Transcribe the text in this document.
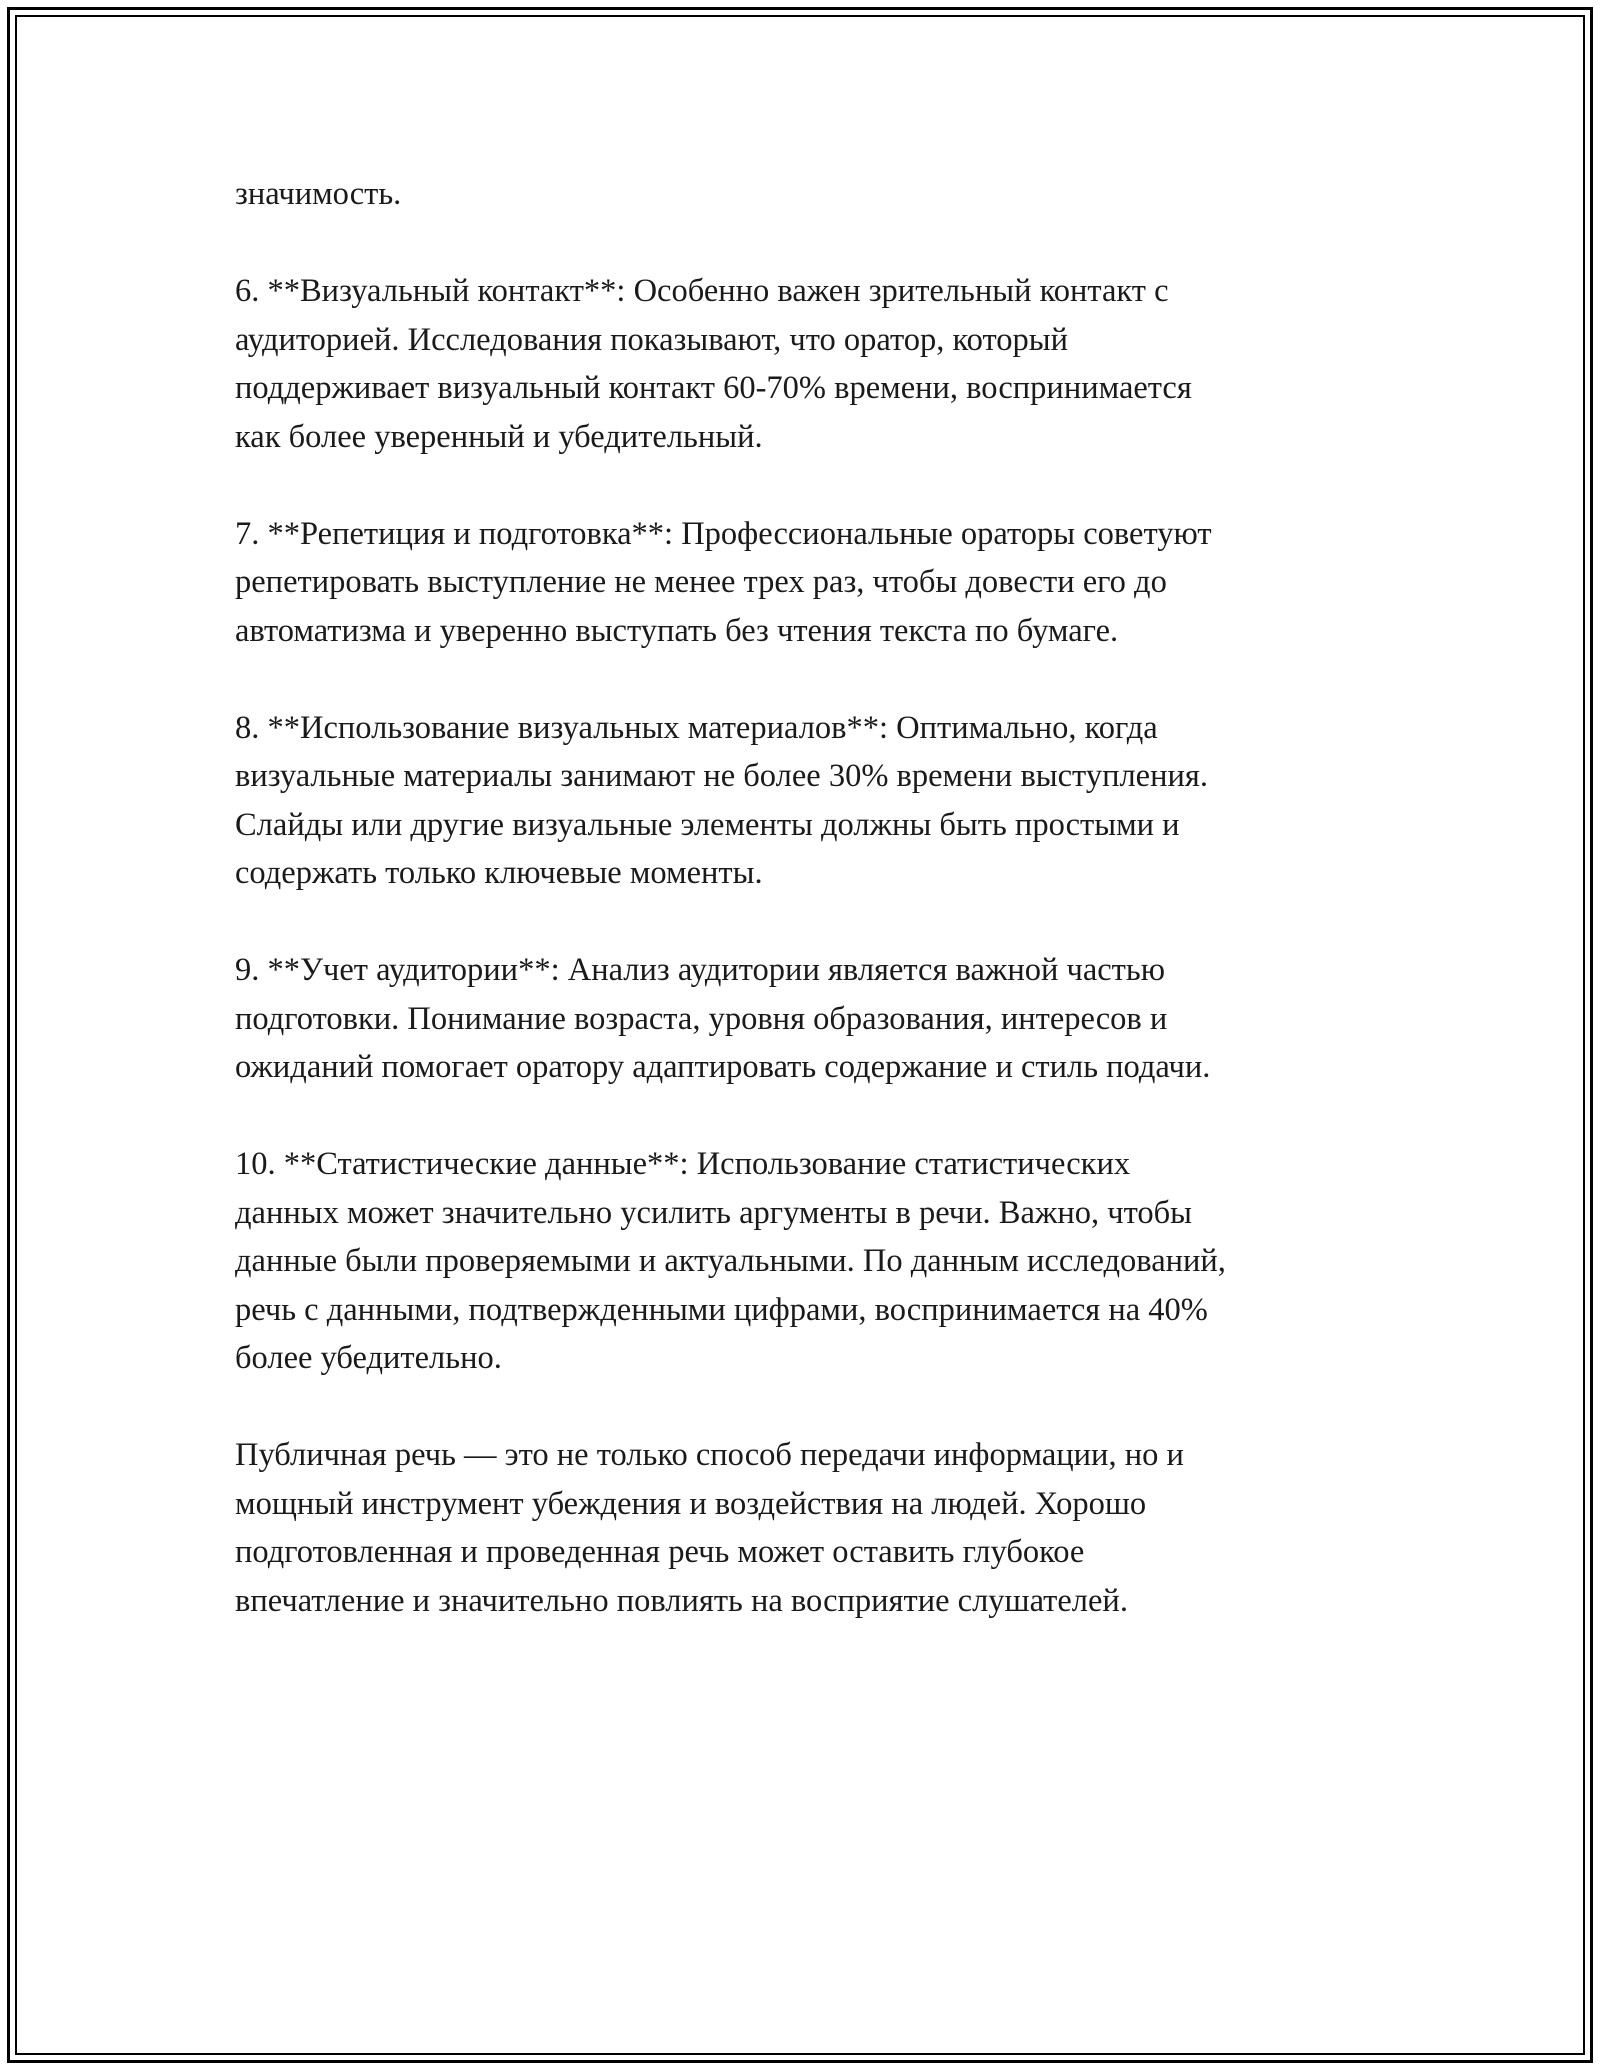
значимость.

6. **Визуальный контакт**: Особенно важен зрительный контакт с
аудиторией. Исследования показывают, что оратор, который
поддерживает визуальный контакт 60-70% времени, воспринимается
как более уверенный и убедительный.

7. **Репетиция и подготовка**: Профессиональные ораторы советуют
репетировать выступление не менее трех раз, чтобы довести его до
автоматизма и уверенно выступать без чтения текста по бумаге.

8. **Использование визуальных материалов**: Оптимально, когда
визуальные материалы занимают не более 30% времени выступления.
Слайды или другие визуальные элементы должны быть простыми и
содержать только ключевые моменты.

9. **Учет аудитории**: Анализ аудитории является важной частью
подготовки. Понимание возраста, уровня образования, интересов и
ожиданий помогает оратору адаптировать содержание и стиль подачи.

10. **Статистические данные**: Использование статистических
данных может значительно усилить аргументы в речи. Важно, чтобы
данные были проверяемыми и актуальными. По данным исследований,
речь с данными, подтвержденными цифрами, воспринимается на 40%
более убедительно.

Публичная речь — это не только способ передачи информации, но и
мощный инструмент убеждения и воздействия на людей. Хорошо
подготовленная и проведенная речь может оставить глубокое
впечатление и значительно повлиять на восприятие слушателей.
